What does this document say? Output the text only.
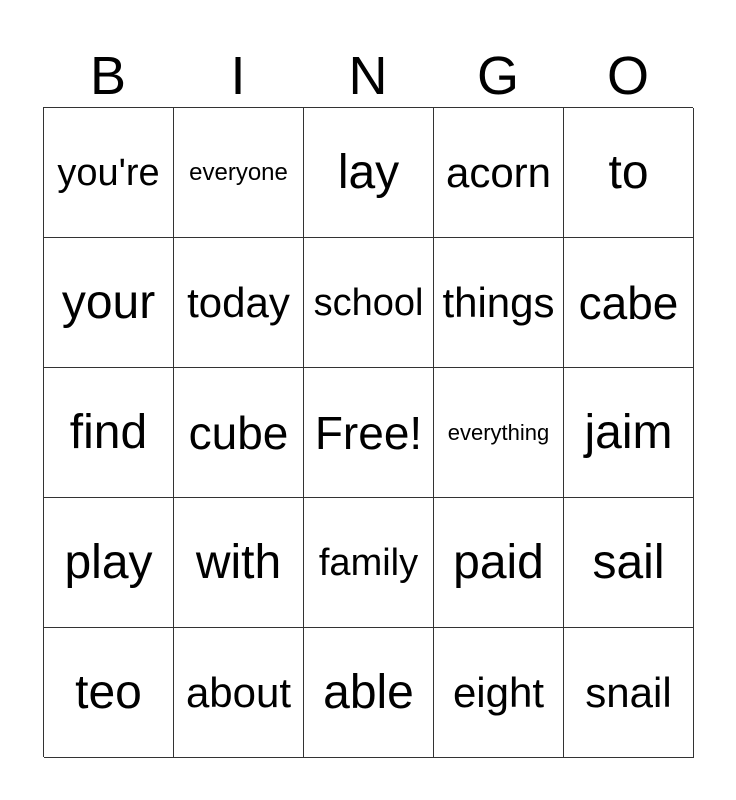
B	I	N	G	O
you're everyone lay acorn to
your today school things cabe
find cube Free! everything jaim
play with family paid sail
teo about able eight snail
